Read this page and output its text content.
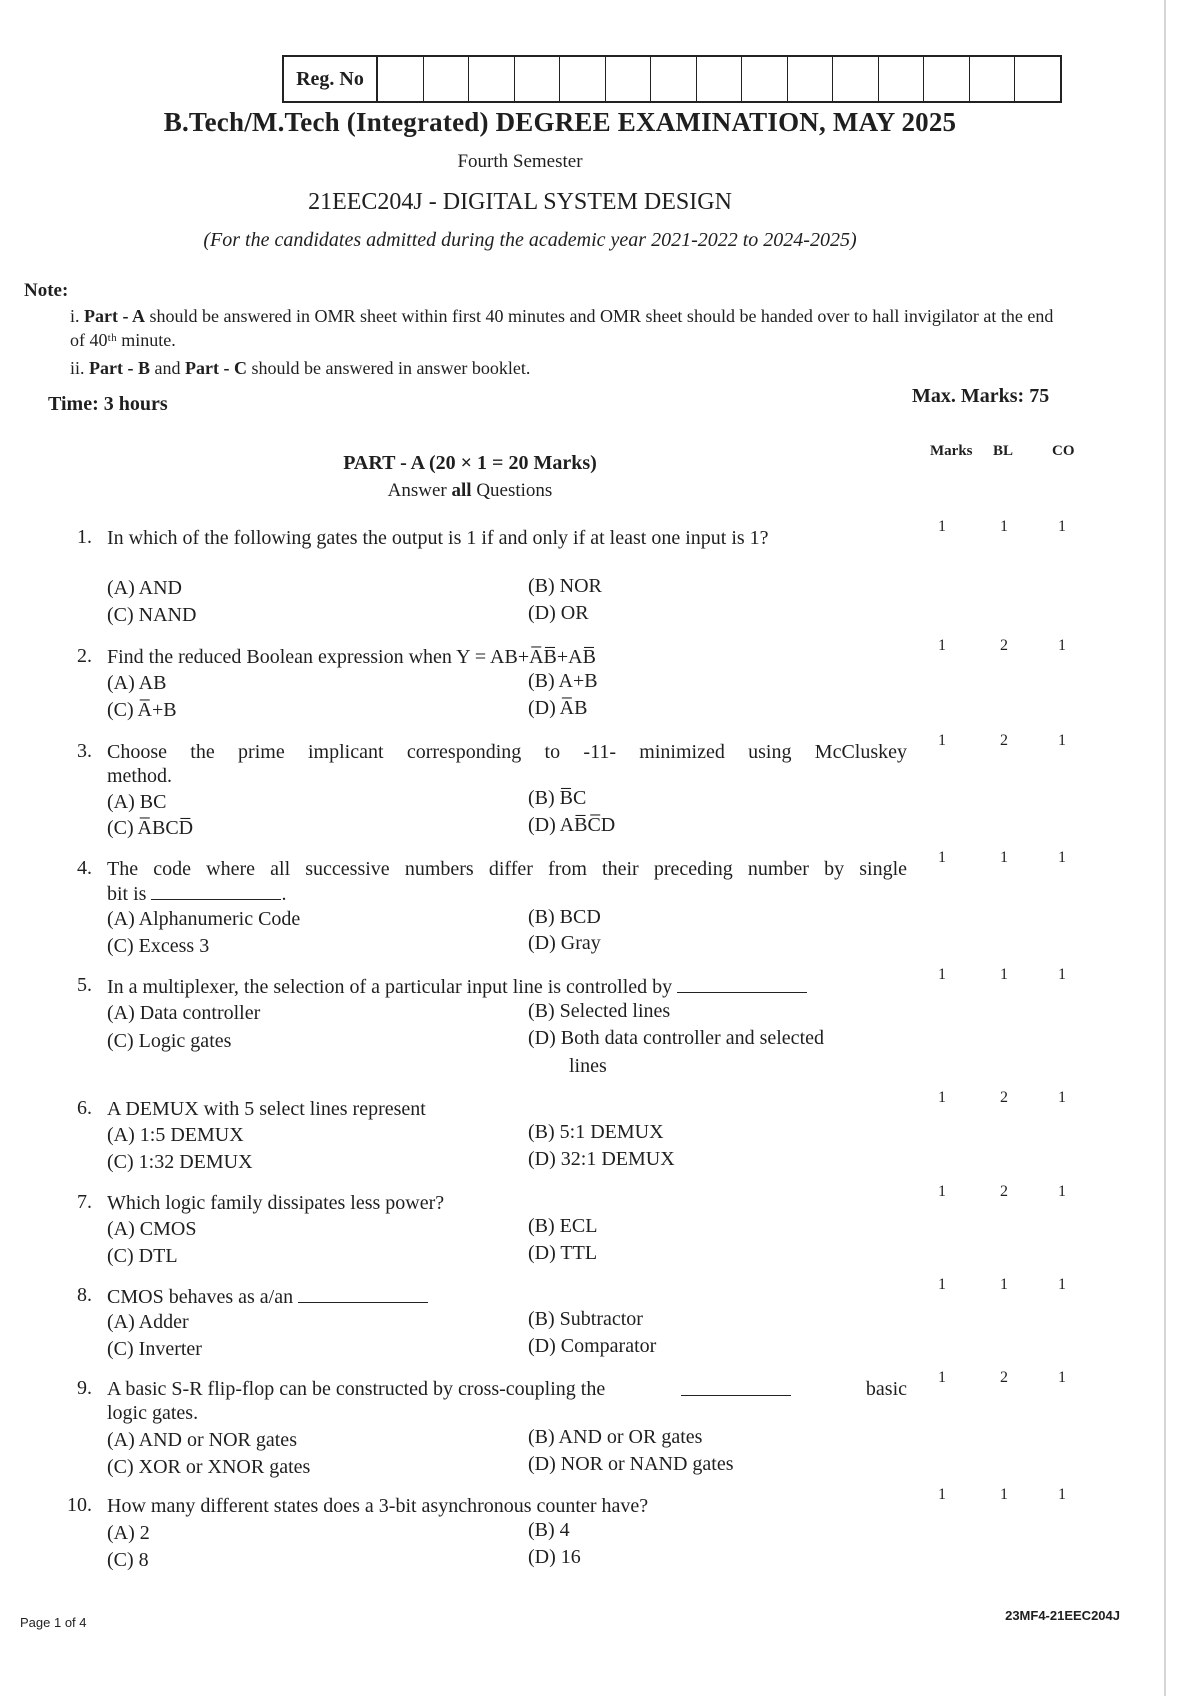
Reg. No
B.Tech/M.Tech (Integrated) DEGREE EXAMINATION, MAY 2025
Fourth Semester
21EEC204J - DIGITAL SYSTEM DESIGN
(For the candidates admitted during the academic year 2021-2022 to 2024-2025)
Note:
i. Part - A should be answered in OMR sheet within first 40 minutes and OMR sheet should be handed over to hall invigilator at the end of 40ᵗʰ minute.
ii. Part - B and Part - C should be answered in answer booklet.
Time: 3 hours	Max. Marks: 75
PART - A (20 × 1 = 20 Marks)
Answer all Questions
Marks BL	CO
1. In which of the following gates the output is 1 if and only if at least one input is 1?
1	1	1
(A) AND	(B) NOR
(C) NAND	(D) OR
2. Find the reduced Boolean expression when Y = AB+A̅B̅+AB̅
1	2	1
(A) AB	(B) A+B
(C) A̅+B	(D) A̅B
3. Choose the prime implicant corresponding to -11- minimized using McCluskey
method.
1	2	1
(A) BC	(B) B̅C
(C) A̅BCD̅	(D) AB̅C̅D
4. The code where all successive numbers differ from their preceding number by single
bit is	.
1	1	1
(A) Alphanumeric Code	(B) BCD
(C) Excess 3	(D) Gray
5. In a multiplexer, the selection of a particular input line is controlled by
1	1	1
(A) Data controller	(B) Selected lines
(C) Logic gates	(D) Both data controller and selected
lines
6. A DEMUX with 5 select lines represent
1	2	1
(A) 1:5 DEMUX	(B) 5:1 DEMUX
(C) 1:32 DEMUX	(D) 32:1 DEMUX
7. Which logic family dissipates less power?
1	2	1
(A) CMOS	(B) ECL
(C) DTL	(D) TTL
8. CMOS behaves as a/an
1	1	1
(A) Adder	(B) Subtractor
(C) Inverter	(D) Comparator
9. A basic S-R flip-flop can be constructed by cross-coupling the	basic
logic gates.
1	2	1
(A) AND or NOR gates	(B) AND or OR gates
(C) XOR or XNOR gates	(D) NOR or NAND gates
10. How many different states does a 3-bit asynchronous counter have?
1	1	1
(A) 2	(B) 4
(C) 8	(D) 16
Page 1 of 4	23MF4-21EEC204J
